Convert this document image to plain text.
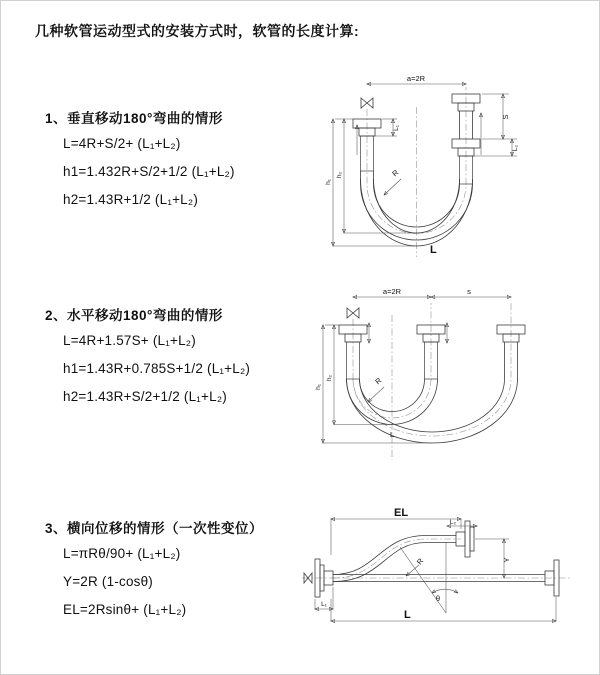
几种软管运动型式的安装方式时，软管的长度计算:
1、垂直移动180°弯曲的情形
L=4R+S/2+ (L₁+L₂)
h1=1.432R+S/2+1/2 (L₁+L₂)
h2=1.43R+1/2 (L₁+L₂)
2、水平移动180°弯曲的情形
L=4R+1.57S+ (L₁+L₂)
h1=1.43R+0.785S+1/2 (L₁+L₂)
h2=1.43R+S/2+1/2 (L₁+L₂)
3、横向位移的情形（一次性变位）
L=πRθ/90+ (L₁+L₂)
Y=2R (1-cosθ)
EL=2Rsinθ+ (L₁+L₂)
a=2R
L₁
S
L₂
h₁
h₂	R
L
a=2R	s
h₁
h₂	R
L
EL
L₂
Y
R
θ
L₁
L
